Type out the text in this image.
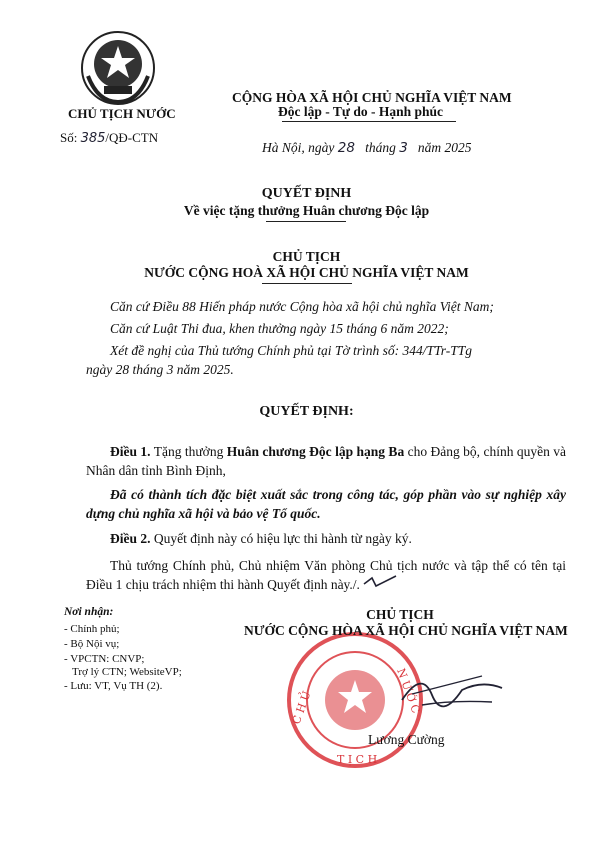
CHỦ TỊCH NƯỚC
Số: 385/QĐ-CTN
CỘNG HÒA XÃ HỘI CHỦ NGHĨA VIỆT NAM
Độc lập - Tự do - Hạnh phúc
Hà Nội, ngày 28 tháng 3 năm 2025
QUYẾT ĐỊNH
Về việc tặng thưởng Huân chương Độc lập
CHỦ TỊCH
NƯỚC CỘNG HOÀ XÃ HỘI CHỦ NGHĨA VIỆT NAM
Căn cứ Điều 88 Hiến pháp nước Cộng hòa xã hội chủ nghĩa Việt Nam;
Căn cứ Luật Thi đua, khen thưởng ngày 15 tháng 6 năm 2022;
Xét đề nghị của Thủ tướng Chính phủ tại Tờ trình số: 344/TTr-TTg
ngày 28 tháng 3 năm 2025.
QUYẾT ĐỊNH:
Điều 1. Tặng thưởng Huân chương Độc lập hạng Ba cho Đảng bộ, chính quyền và Nhân dân tỉnh Bình Định,
Đã có thành tích đặc biệt xuất sắc trong công tác, góp phần vào sự nghiệp xây dựng chủ nghĩa xã hội và bảo vệ Tổ quốc.
Điều 2. Quyết định này có hiệu lực thi hành từ ngày ký.
Thủ tướng Chính phủ, Chủ nhiệm Văn phòng Chủ tịch nước và tập thể có tên tại Điều 1 chịu trách nhiệm thi hành Quyết định này./.
Nơi nhận:
- Chính phủ;
- Bộ Nội vụ;
- VPCTN: CNVP;
Trợ lý CTN; WebsiteVP;
- Lưu: VT, Vụ TH (2).
C H Ủ	N Ư Ớ C
T Ị C H
CHỦ TỊCH
NƯỚC CỘNG HÒA XÃ HỘI CHỦ NGHĨA VIỆT NAM
Lương Cường
